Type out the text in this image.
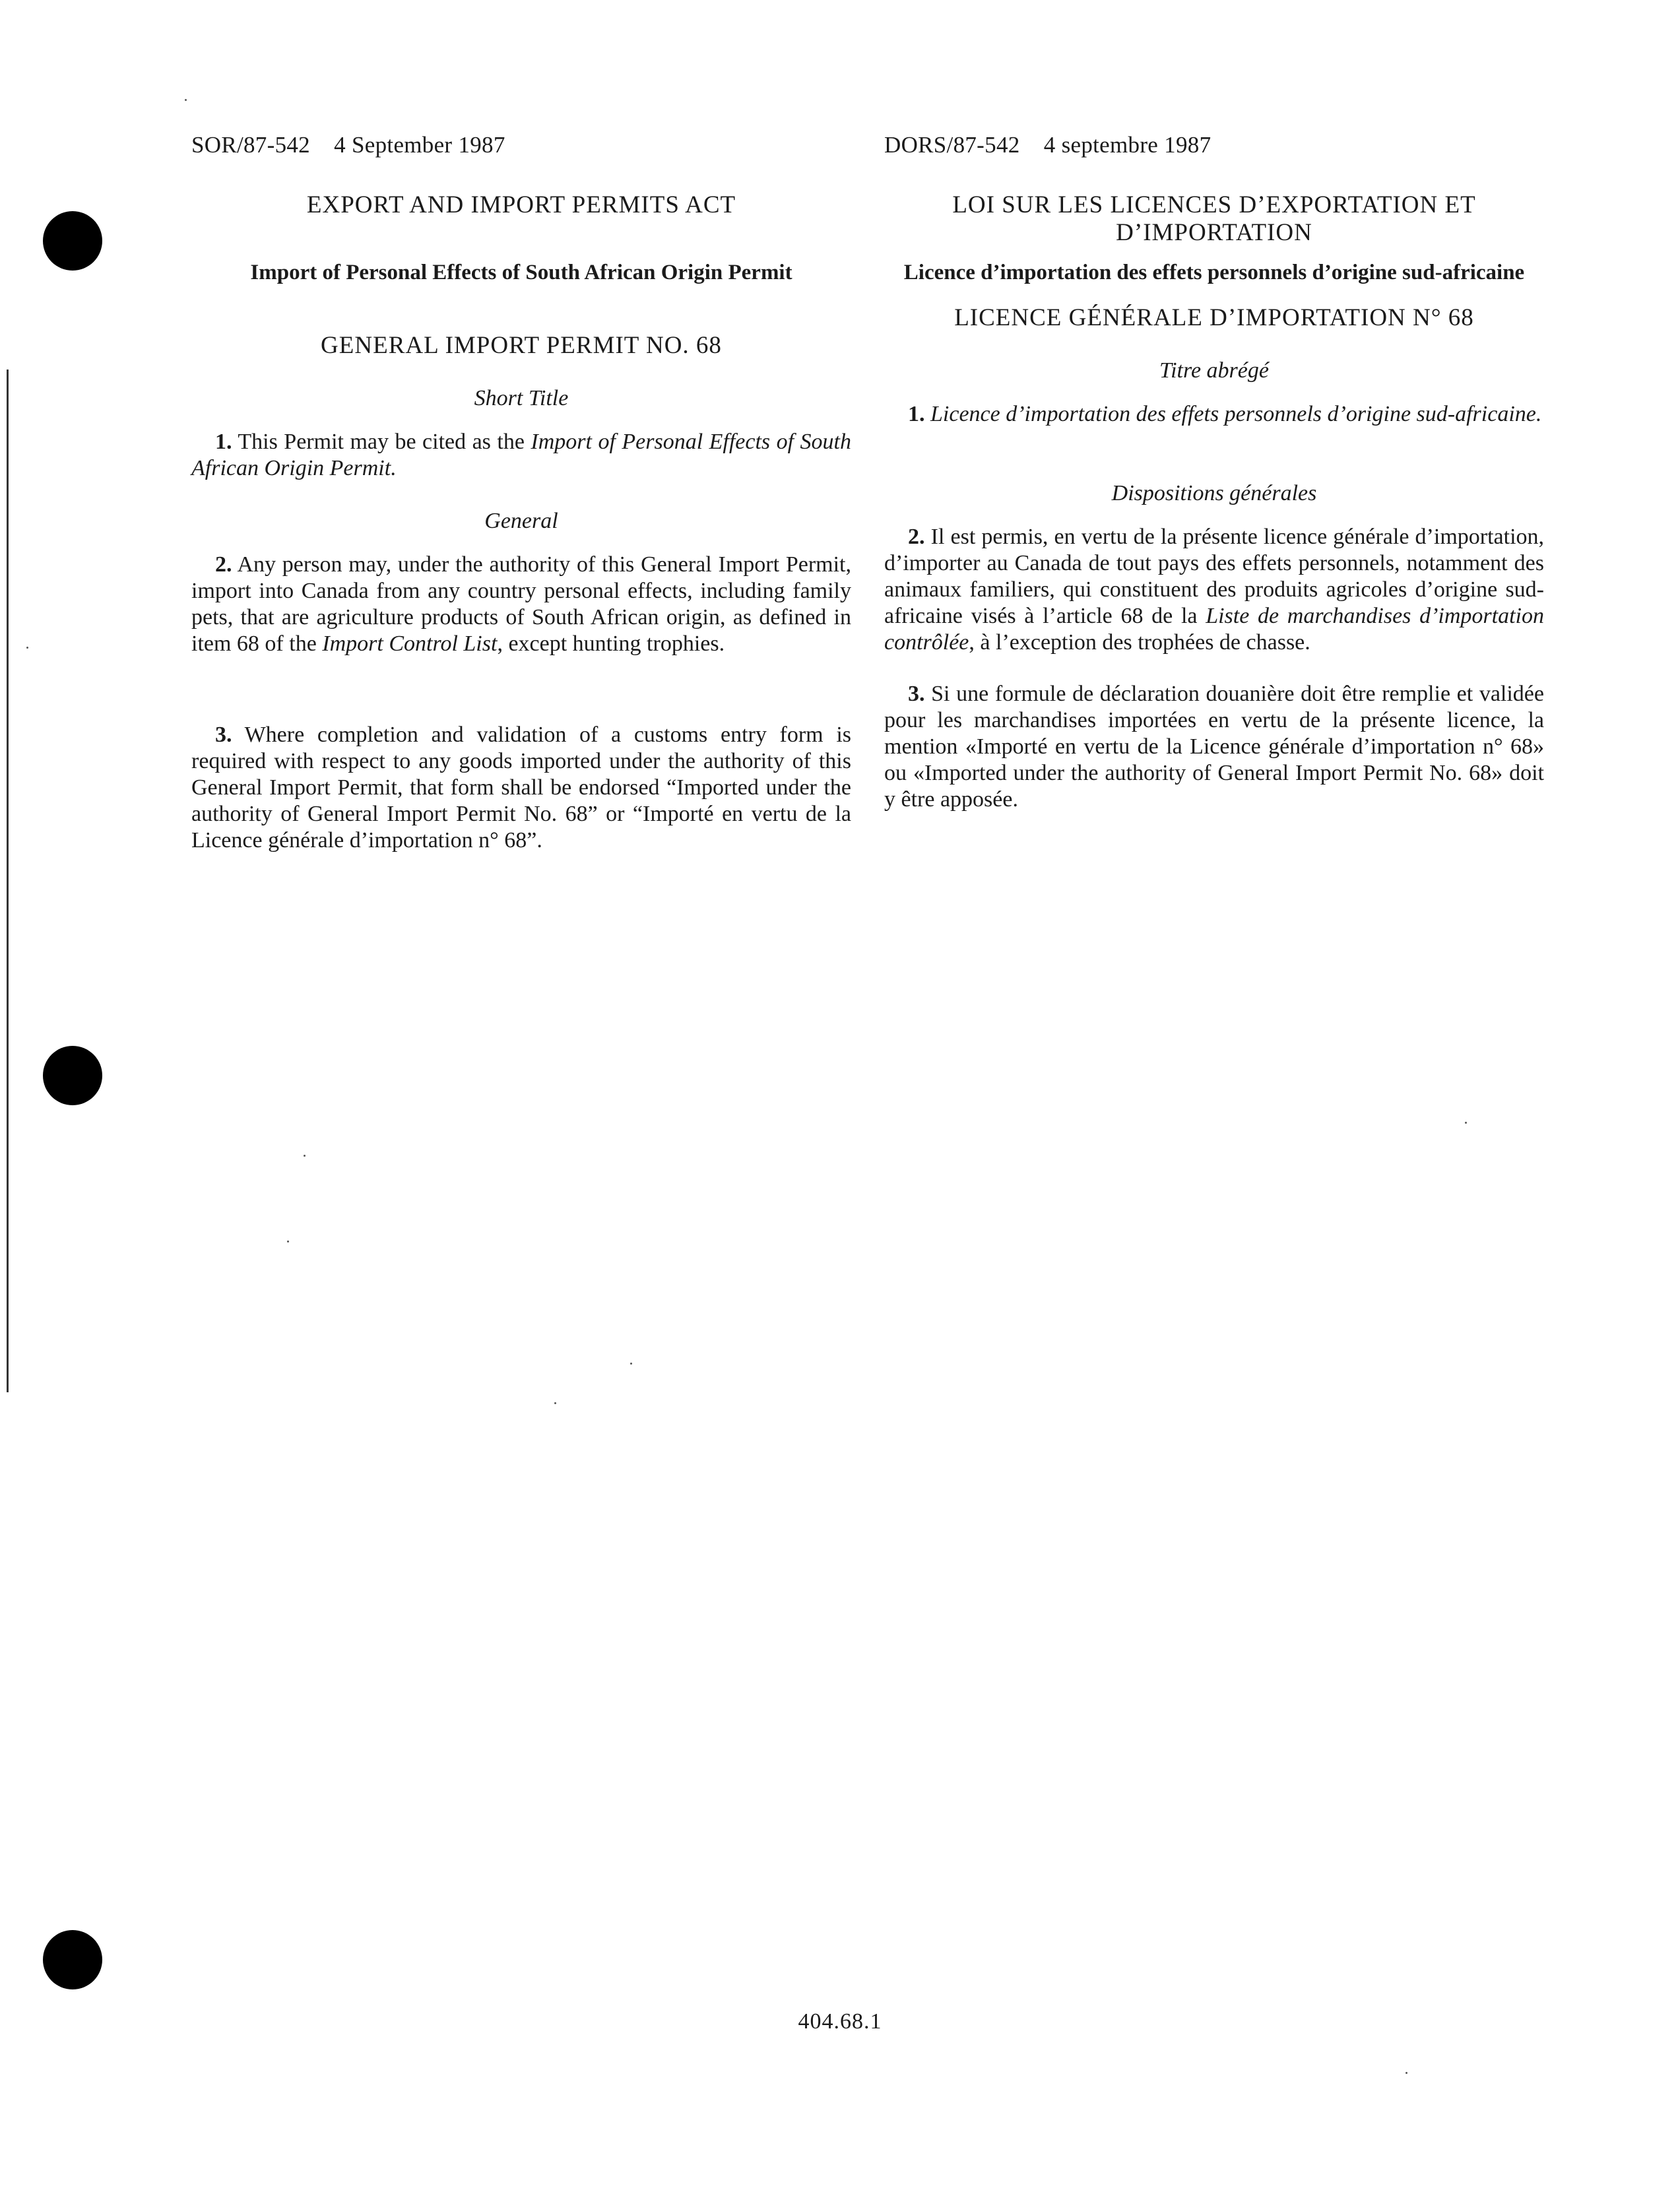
SOR/87-542    4 September 1987
EXPORT AND IMPORT PERMITS ACT
Import of Personal Effects of South African Origin Permit
GENERAL IMPORT PERMIT NO. 68
Short Title
1. This Permit may be cited as the Import of Personal Effects of South African Origin Permit.
General
2. Any person may, under the authority of this General Import Permit, import into Canada from any country personal effects, including family pets, that are agriculture products of South African origin, as defined in item 68 of the Import Control List, except hunting trophies.
3. Where completion and validation of a customs entry form is required with respect to any goods imported under the authority of this General Import Permit, that form shall be endorsed “Imported under the authority of General Import Permit No. 68” or “Importé en vertu de la Licence générale d’importation n° 68”.
DORS/87-542    4 septembre 1987
LOI SUR LES LICENCES D’EXPORTATION ET D’IMPORTATION
Licence d’importation des effets personnels d’origine sud-africaine
LICENCE GÉNÉRALE D’IMPORTATION N° 68
Titre abrégé
1. Licence d’importation des effets personnels d’origine sud-africaine.
Dispositions générales
2. Il est permis, en vertu de la présente licence générale d’importation, d’importer au Canada de tout pays des effets personnels, notamment des animaux familiers, qui constituent des produits agricoles d’origine sud-africaine visés à l’article 68 de la Liste de marchandises d’importation contrôlée, à l’exception des trophées de chasse.
3. Si une formule de déclaration douanière doit être remplie et validée pour les marchandises importées en vertu de la présente licence, la mention «Importé en vertu de la Licence générale d’importation n° 68» ou «Imported under the authority of General Import Permit No. 68» doit y être apposée.
404.68.1
